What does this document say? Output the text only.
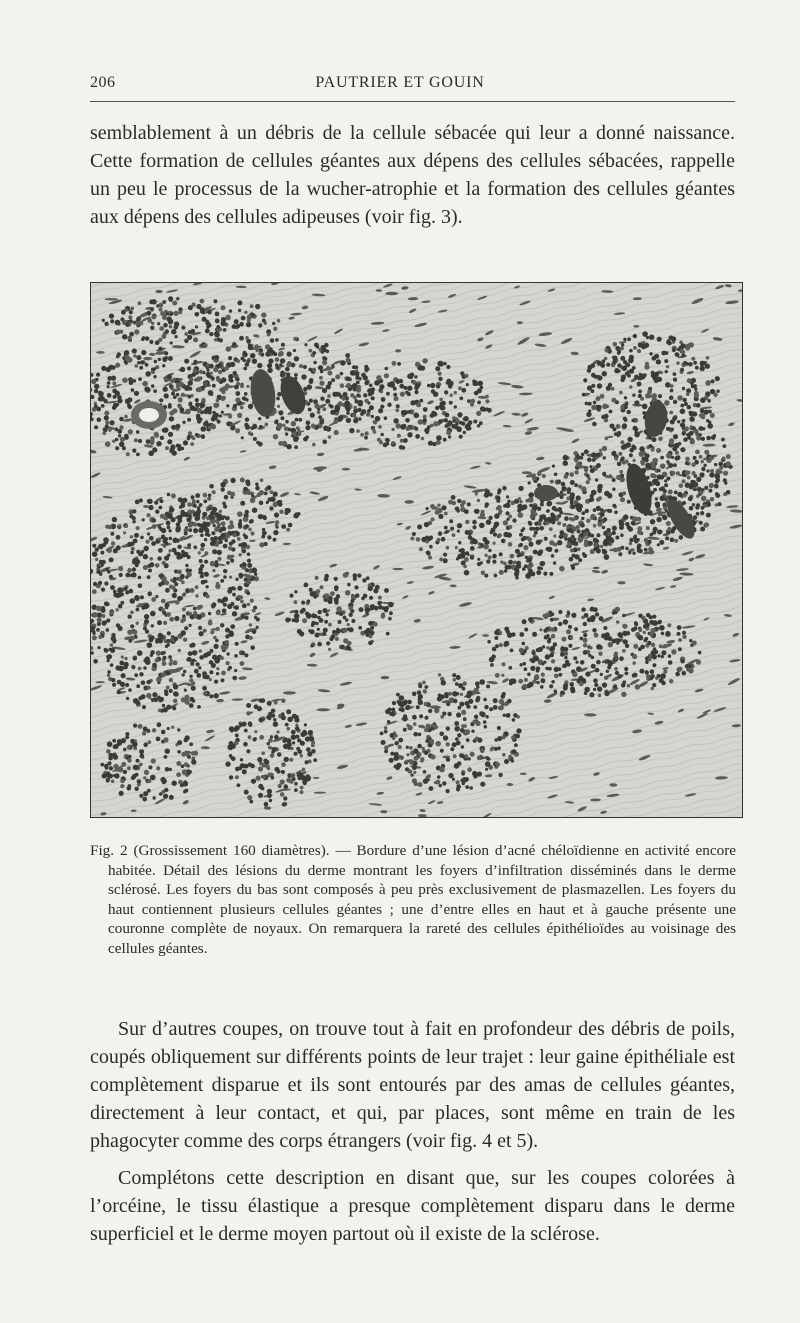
206	PAUTRIER ET GOUIN

semblablement à un débris de la cellule sébacée qui leur a donné naissance. Cette formation de cellules géantes aux dépens des cellules sébacées, rappelle un peu le processus de la wucher-atrophie et la formation des cellules géantes aux dépens des cellules adipeuses (voir fig. 3).

Fig. 2 (Grossissement 160 diamètres). — Bordure d’une lésion d’acné chéloïdienne en activité encore habitée. Détail des lésions du derme montrant les foyers d’infiltration disséminés dans le derme sclérosé. Les foyers du bas sont composés à peu près exclusivement de plasmazellen. Les foyers du haut contiennent plusieurs cellules géantes ; une d’entre elles en haut et à gauche présente une couronne complète de noyaux. On remarquera la rareté des cellules épithélioïdes au voisinage des cellules géantes.

Sur d’autres coupes, on trouve tout à fait en profondeur des débris de poils, coupés obliquement sur différents points de leur trajet : leur gaine épithéliale est complètement disparue et ils sont entourés par des amas de cellules géantes, directement à leur contact, et qui, par places, sont même en train de les phagocyter comme des corps étrangers (voir fig. 4 et 5).

Complétons cette description en disant que, sur les coupes colorées à l’orcéine, le tissu élastique a presque complètement disparu dans le derme superficiel et le derme moyen partout où il existe de la sclérose.
